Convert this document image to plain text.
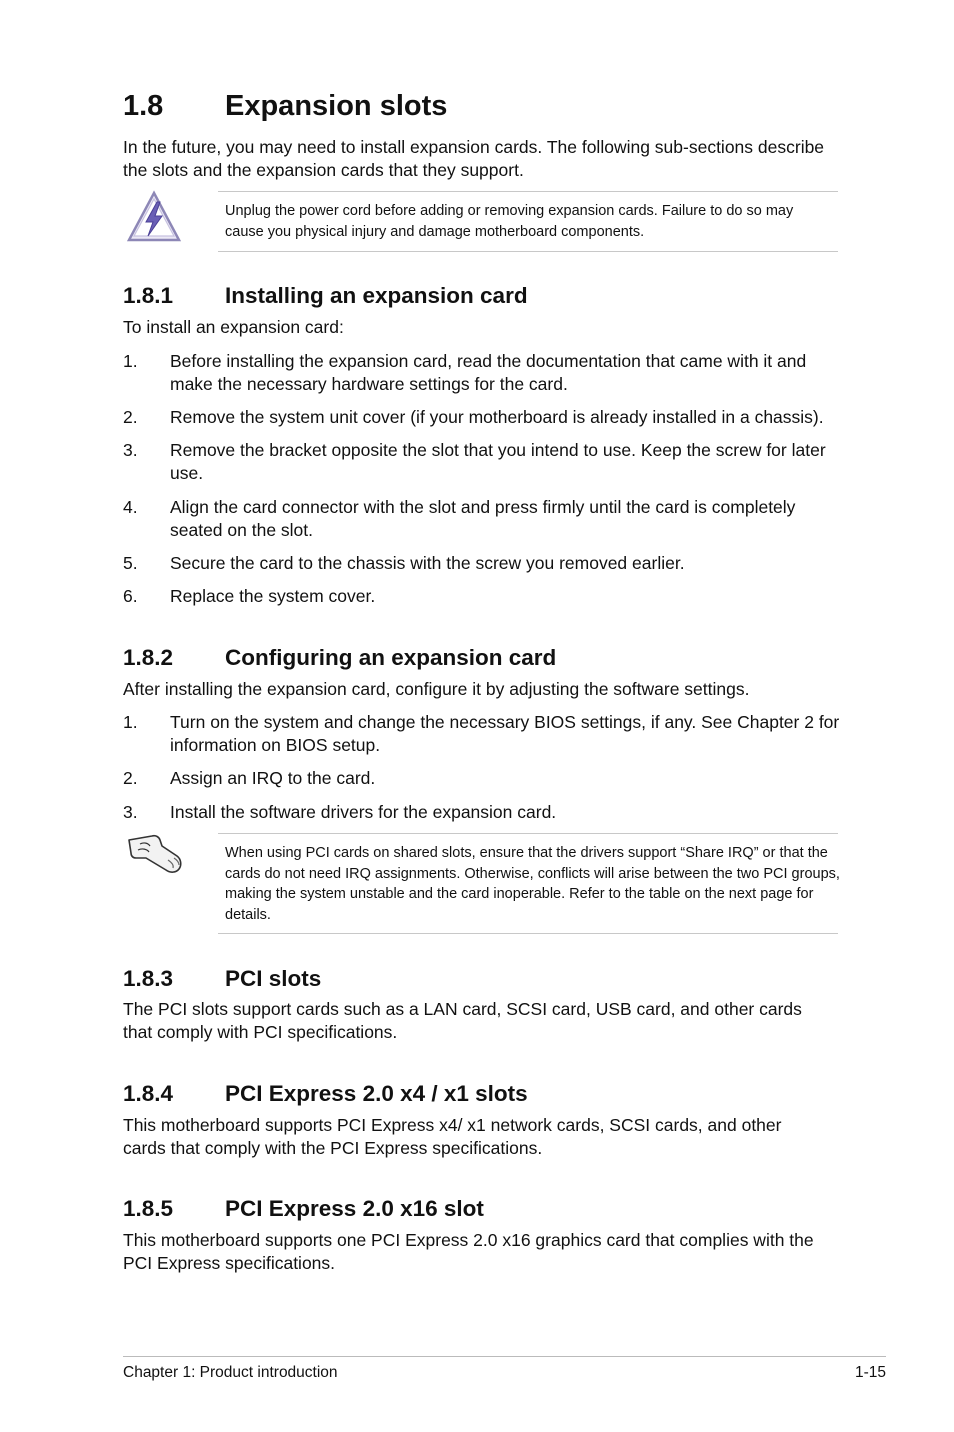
1.8 Expansion slots
In the future, you may need to install expansion cards. The following sub-sections describe the slots and the expansion cards that they support.
Unplug the power cord before adding or removing expansion cards. Failure to do so may cause you physical injury and damage motherboard components.
1.8.1 Installing an expansion card
To install an expansion card:
1. Before installing the expansion card, read the documentation that came with it and make the necessary hardware settings for the card.
2. Remove the system unit cover (if your motherboard is already installed in a chassis).
3. Remove the bracket opposite the slot that you intend to use. Keep the screw for later use.
4. Align the card connector with the slot and press firmly until the card is completely seated on the slot.
5. Secure the card to the chassis with the screw you removed earlier.
6. Replace the system cover.
1.8.2 Configuring an expansion card
After installing the expansion card, configure it by adjusting the software settings.
1. Turn on the system and change the necessary BIOS settings, if any. See Chapter 2 for information on BIOS setup.
2. Assign an IRQ to the card.
3. Install the software drivers for the expansion card.
When using PCI cards on shared slots, ensure that the drivers support “Share IRQ” or that the cards do not need IRQ assignments. Otherwise, conflicts will arise between the two PCI groups, making the system unstable and the card inoperable. Refer to the table on the next page for details.
1.8.3 PCI slots
The PCI slots support cards such as a LAN card, SCSI card, USB card, and other cards that comply with PCI specifications.
1.8.4 PCI Express 2.0 x4 / x1 slots
This motherboard supports PCI Express x4/ x1 network cards, SCSI cards, and other cards that comply with the PCI Express specifications.
1.8.5 PCI Express 2.0 x16 slot
This motherboard supports one PCI Express 2.0 x16 graphics card that complies with the PCI Express specifications.
Chapter 1: Product introduction	1-15
